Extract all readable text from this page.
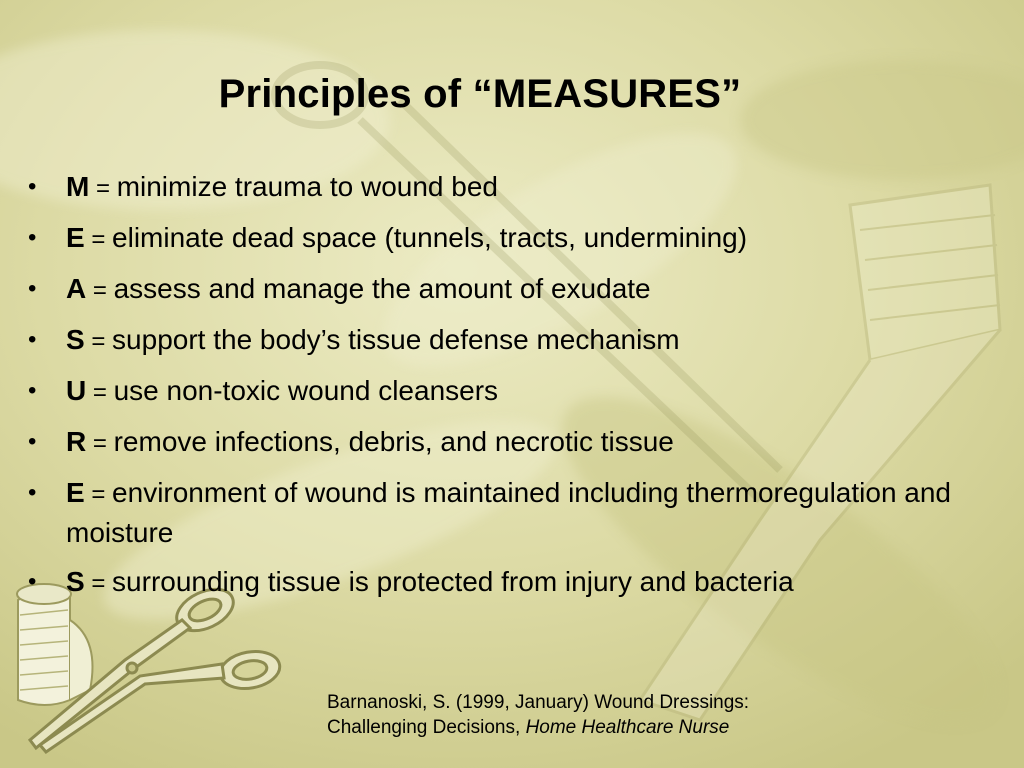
Principles of “MEASURES”
•	M = minimize trauma to wound bed
•	E = eliminate dead space (tunnels, tracts, undermining)
•	A = assess and manage the amount of exudate
•	S = support the body’s tissue defense mechanism
•	U = use non-toxic wound cleansers
•	R = remove infections, debris, and necrotic tissue
•	E = environment of wound is maintained including thermoregulation and moisture
•	S = surrounding tissue is protected from injury and bacteria
Barnanoski, S. (1999, January) Wound Dressings:
Challenging Decisions, Home Healthcare Nurse
